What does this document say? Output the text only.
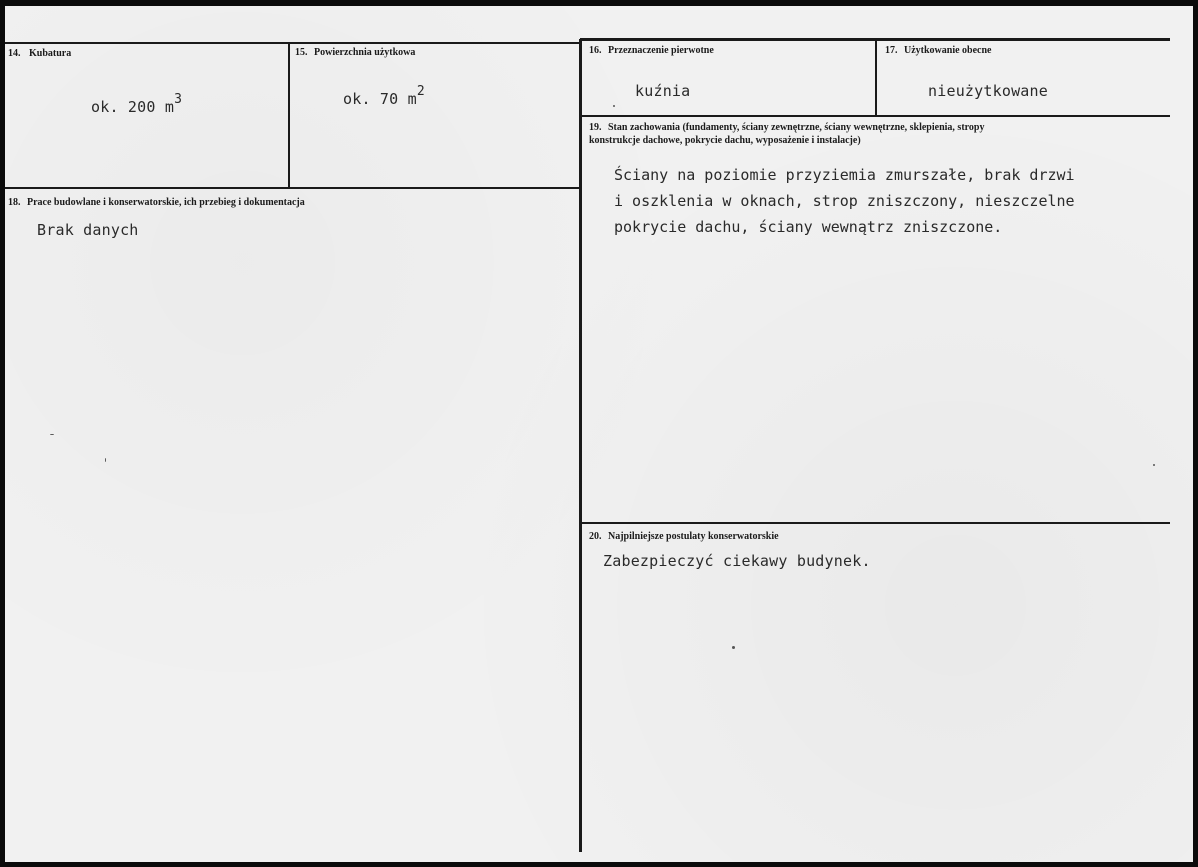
14. Kubatura
ok. 200 $m^3$
15. Powierzchnia użytkowa
ok. 70 $m^2$
16. Przeznaczenie pierwotne
kuźnia
17. Użytkowanie obecne
nieużytkowane
18. Prace budowlane i konserwatorskie, ich przebieg i dokumentacja
Brak danych
19. Stan zachowania (fundamenty, ściany zewnętrzne, ściany wewnętrzne, sklepienia, stropy
konstrukcje dachowe, pokrycie dachu, wyposażenie i instalacje)
Ściany na poziomie przyziemia zmurszałe, brak drzwi
i oszklenia w oknach, strop zniszczony, nieszczelne
pokrycie dachu, ściany wewnątrz zniszczone.
20. Najpilniejsze postulaty konserwatorskie
Zabezpieczyć ciekawy budynek.
